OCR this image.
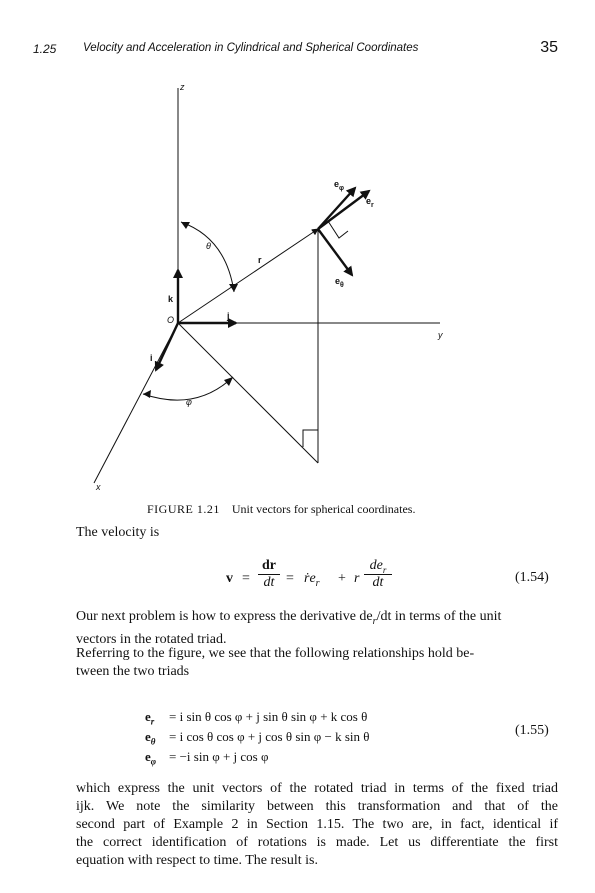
1.25 Velocity and Acceleration in Cylindrical and Spherical Coordinates	35
z
y
x
O
k
i
j
r
θ
φ
$e_\varphi$
$e_r$
$e_\theta$
FIGURE 1.21 Unit vectors for spherical coordinates.
The velocity is
v =
dr
dt = ṙe$_r$ + r
$de_r$
dt	(1.54)
Our next problem is how to express the derivative $de_r/dt$ in terms of the unit
vectors in the rotated triad.
Referring to the figure, we see that the following relationships hold be-
tween the two triads
$e_r = i$ sin θ cos φ + j sin θ sin φ + k cos θ
$e_\theta = i$ cos θ cos φ + j cos θ sin φ − k sin θ
$e_\varphi = -i$ sin φ + j cos φ
(1.55)
which express the unit vectors of the rotated triad in terms of the fixed triad
ijk. We note the similarity between this transformation and that of the
second part of Example 2 in Section 1.15. The two are, in fact, identical if
the correct identification of rotations is made. Let us differentiate the first
equation with respect to time. The result is.
